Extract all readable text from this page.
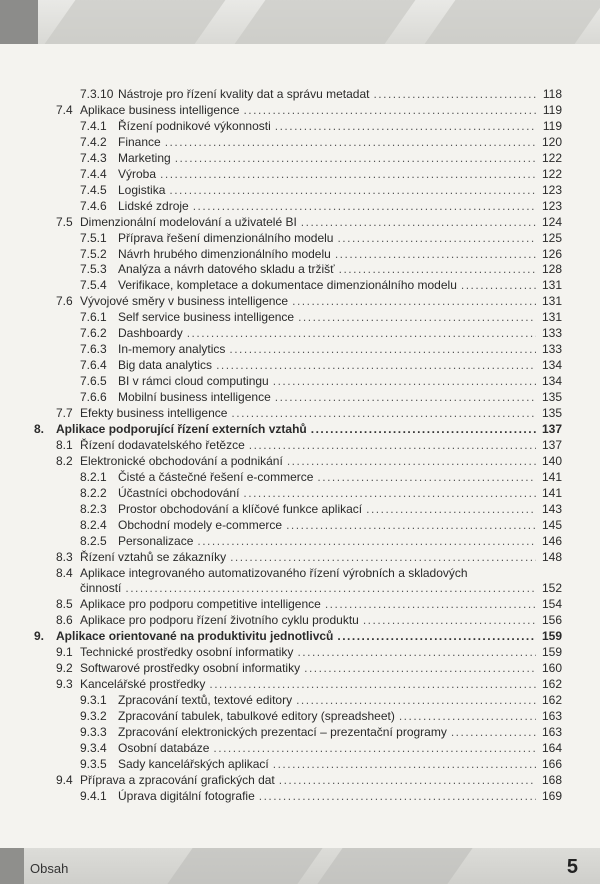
7.3.10 Nástroje pro řízení kvality dat a správu metadat .....	118
7.4 Aplikace business intelligence .....	119
7.4.1 Řízení podnikové výkonnosti .....	119
7.4.2 Finance .....	120
7.4.3 Marketing .....	122
7.4.4 Výroba .....	122
7.4.5 Logistika .....	123
7.4.6 Lidské zdroje .....	123
7.5 Dimenzionální modelování a uživatelé BI .....	124
7.5.1 Příprava řešení dimenzionálního modelu .....	125
7.5.2 Návrh hrubého dimenzionálního modelu .....	126
7.5.3 Analýza a návrh datového skladu a tržišť .....	128
7.5.4 Verifikace, kompletace a dokumentace dimenzionálního modelu .....	131
7.6 Vývojové směry v business intelligence .....	131
7.6.1 Self service business intelligence .....	131
7.6.2 Dashboardy .....	133
7.6.3 In-memory analytics .....	133
7.6.4 Big data analytics .....	134
7.6.5 BI v rámci cloud computingu .....	134
7.6.6 Mobilní business intelligence .....	135
7.7 Efekty business intelligence .....	135
8. Aplikace podporující řízení externích vztahů .....	137
8.1 Řízení dodavatelského řetězce .....	137
8.2 Elektronické obchodování a podnikání .....	140
8.2.1 Čisté a částečné řešení e-commerce .....	141
8.2.2 Účastníci obchodování .....	141
8.2.3 Prostor obchodování a klíčové funkce aplikací .....	143
8.2.4 Obchodní modely e-commerce .....	145
8.2.5 Personalizace .....	146
8.3 Řízení vztahů se zákazníky .....	148
8.4 Aplikace integrovaného automatizovaného řízení výrobních a skladových
činností .....	152
8.5 Aplikace pro podporu competitive intelligence .....	154
8.6 Aplikace pro podporu řízení životního cyklu produktu .....	156
9. Aplikace orientované na produktivitu jednotlivců .....	159
9.1 Technické prostředky osobní informatiky .....	159
9.2 Softwarové prostředky osobní informatiky .....	160
9.3 Kancelářské prostředky .....	162
9.3.1 Zpracování textů, textové editory .....	162
9.3.2 Zpracování tabulek, tabulkové editory (spreadsheet) .....	163
9.3.3 Zpracování elektronických prezentací – prezentační programy .....	163
9.3.4 Osobní databáze .....	164
9.3.5 Sady kancelářských aplikací .....	166
9.4 Příprava a zpracování grafických dat .....	168
9.4.1 Úprava digitální fotografie .....	169
Obsah	5
